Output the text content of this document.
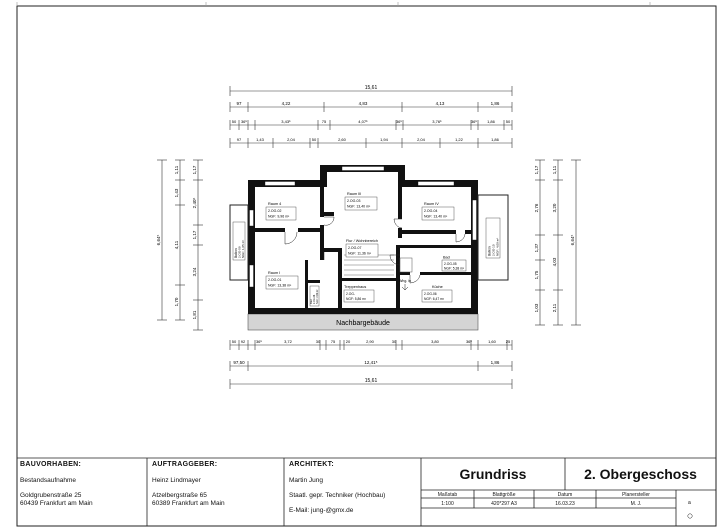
15,61
97	4,22	4,83	4,13	1,86
50 36⁵	3,43⁵	75	4,07⁵	36⁵	3,76⁵	36⁵	1,86	50
97	1,43	2,04	50	2,60	1,94	2,04	1,22	1,86
6,64⁵
1,11
1,43
4,11
1,70
1,17
2,40⁵
1,17
3,24
1,81
6,64⁵
1,11
3,20
4,03
2,11
1,17
2,76
1,37
1,75
1,03
50 92	36⁵	3,72	30	75	20	2,90	30	3,80	36⁵	1,60 25
97,50	12,41⁵	1,86
15,61
Nachbargebäude
Whg. in
Raum 4
2.OG-02
NGF: 9,96 m²
Raum III
2.OG-03
NGF: 13,40 m²
Raum IV
2.OG-04
NGF: 13,40 m²
Flur / Wohnbereich
2.OG-07
NGF: 11,36 m²
Bad
2.OG-05
NGF: 5,38 m²
Raum I
2.OG-01
NGF: 13,38 m²	Treppenhaus
2.OG-
NGF: 5,86 m²
Küche
2.OG-06
NGF: 6,47 m²
Bad 2.OG-08 NGF: 2,96 m²
Balkon 2.OG-09 NGF: 1,05 m²	Balkon 2.OG-10 NGF: 4,09 m²
a
BAUVORHABEN:
Bestandsaufnahme
Goldgrubenstraße 25
60439 Frankfurt am Main
AUFTRAGGEBER:
Heinz Lindmayer
Atzelbergstraße 65
60389 Frankfurt am Main
ARCHITEKT:
Martin Jung
Staatl. gepr. Techniker (Hochbau)
E-Mail: jung-@gmx.de
Grundriss	2. Obergeschoss
Maßstab	Blattgröße	Datum	Planersteller
1:100	420*297 A3	16.03.23	M. J.
